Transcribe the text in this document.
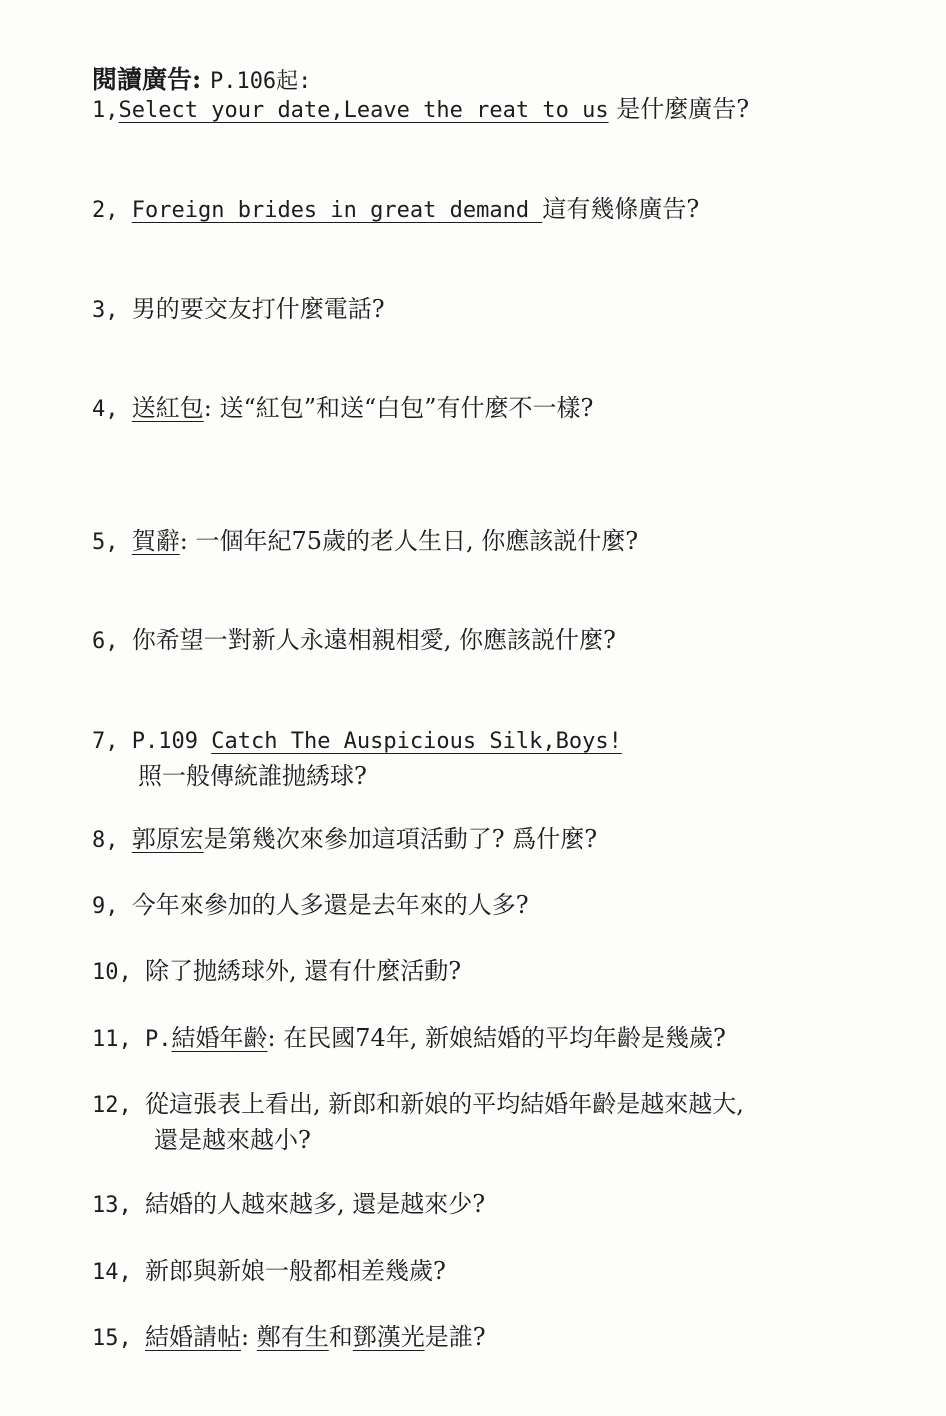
閱讀廣告: P.106起:
1,Select your date,Leave the reat to us 是什麼廣告?
2, Foreign brides in great demand 這有幾條廣告?
3, 男的要交友打什麼電話?
4, 送紅包: 送“紅包”和送“白包”有什麼不一樣?
5, 賀辭: 一個年紀75歲的老人生日, 你應該説什麼?
6, 你希望一對新人永遠相親相愛, 你應該説什麼?
7, P.109 Catch The Auspicious Silk,Boys!
照一般傳統誰抛綉球?
8, 郭原宏是第幾次來參加這項活動了? 爲什麼?
9, 今年來參加的人多還是去年來的人多?
10, 除了抛綉球外, 還有什麼活動?
11, P.結婚年齡: 在民國74年, 新娘結婚的平均年齡是幾歲?
12, 從這張表上看出, 新郎和新娘的平均結婚年齡是越來越大,
還是越來越小?
13, 結婚的人越來越多, 還是越來少?
14, 新郎與新娘一般都相差幾歲?
15, 結婚請帖: 鄭有生和鄧漢光是誰?
